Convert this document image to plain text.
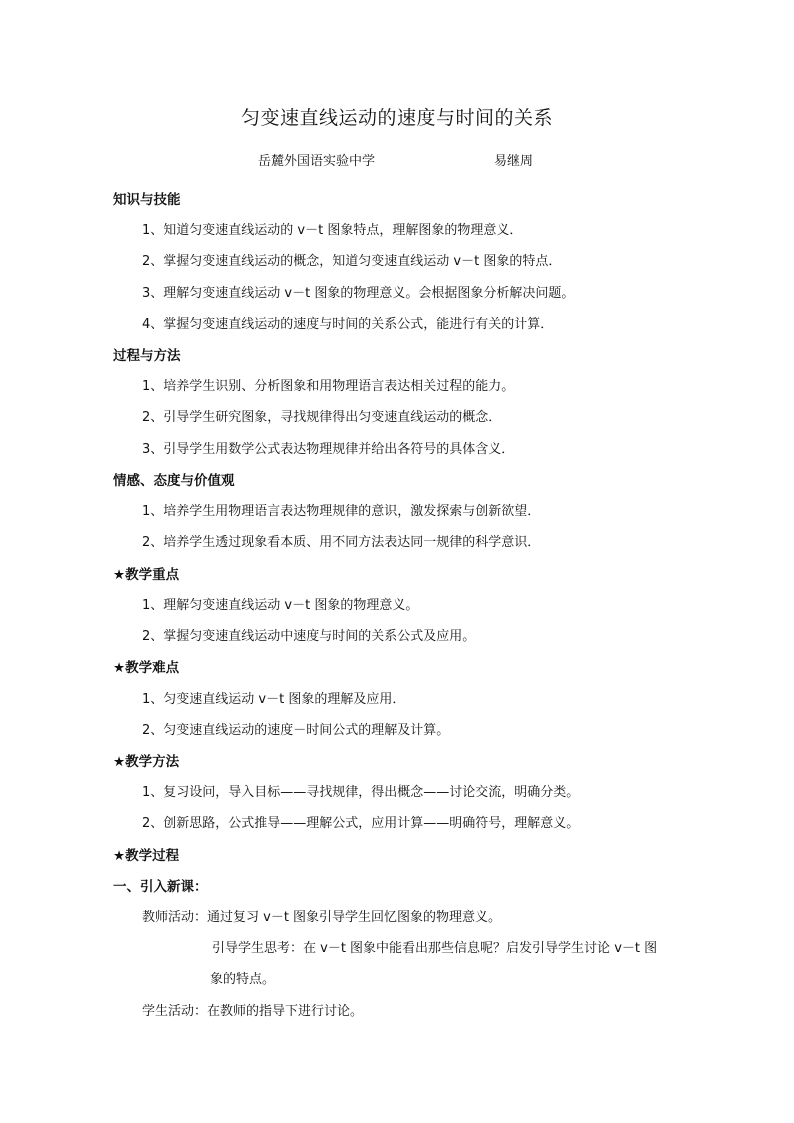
匀变速直线运动的速度与时间的关系
岳麓外国语实验中学	易继周
知识与技能
1、知道匀变速直线运动的 v－t 图象特点，理解图象的物理意义．
2、掌握匀变速直线运动的概念，知道匀变速直线运动 v－t 图象的特点．
3、理解匀变速直线运动 v－t 图象的物理意义。会根据图象分析解决问题。
4、掌握匀变速直线运动的速度与时间的关系公式，能进行有关的计算．
过程与方法
1、培养学生识别、分析图象和用物理语言表达相关过程的能力。
2、引导学生研究图象，寻找规律得出匀变速直线运动的概念．
3、引导学生用数学公式表达物理规律并给出各符号的具体含义．
情感、态度与价值观
1、培养学生用物理语言表达物理规律的意识，激发探索与创新欲望．
2、培养学生透过现象看本质、用不同方法表达同一规律的科学意识．
★教学重点
1、理解匀变速直线运动 v－t 图象的物理意义。
2、掌握匀变速直线运动中速度与时间的关系公式及应用。
★教学难点
1、匀变速直线运动 v－t 图象的理解及应用．
2、匀变速直线运动的速度－时间公式的理解及计算。
★教学方法
1、复习设问，导入目标——寻找规律，得出概念——讨论交流，明确分类。
2、创新思路，公式推导——理解公式，应用计算——明确符号，理解意义。
★教学过程
一、引入新课：
教师活动：通过复习 v－t 图象引导学生回忆图象的物理意义。
引导学生思考：在 v－t 图象中能看出那些信息呢？启发引导学生讨论 v－t 图
象的特点。
学生活动：在教师的指导下进行讨论。
